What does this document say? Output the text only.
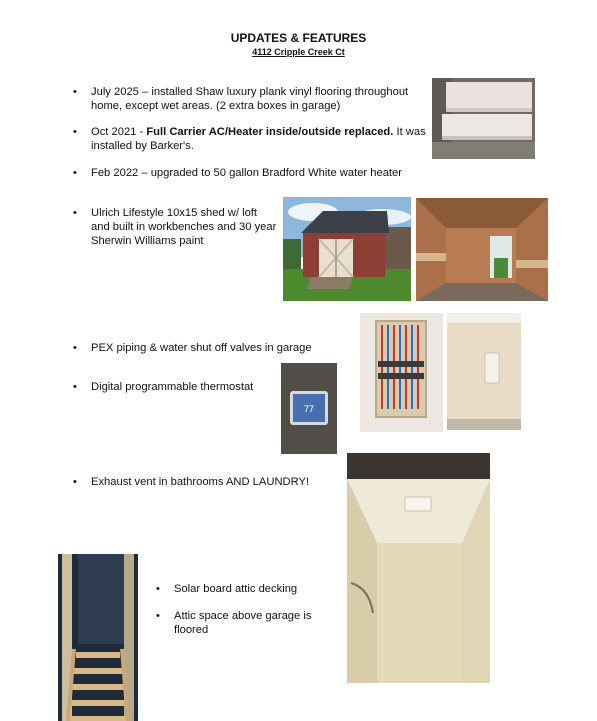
UPDATES & FEATURES
4112 Cripple Creek Ct
• July 2025 – installed Shaw luxury plank vinyl flooring throughout home, except wet areas. (2 extra boxes in garage)
• Oct 2021 - Full Carrier AC/Heater inside/outside replaced. It was installed by Barker's.
• Feb 2022 – upgraded to 50 gallon Bradford White water heater
• Ulrich Lifestyle 10x15 shed w/ loft and built in workbenches and 30 year Sherwin Williams paint
• PEX piping & water shut off valves in garage
• Digital programmable thermostat
• Exhaust vent in bathrooms AND LAUNDRY!
• Solar board attic decking
• Attic space above garage is floored
77
